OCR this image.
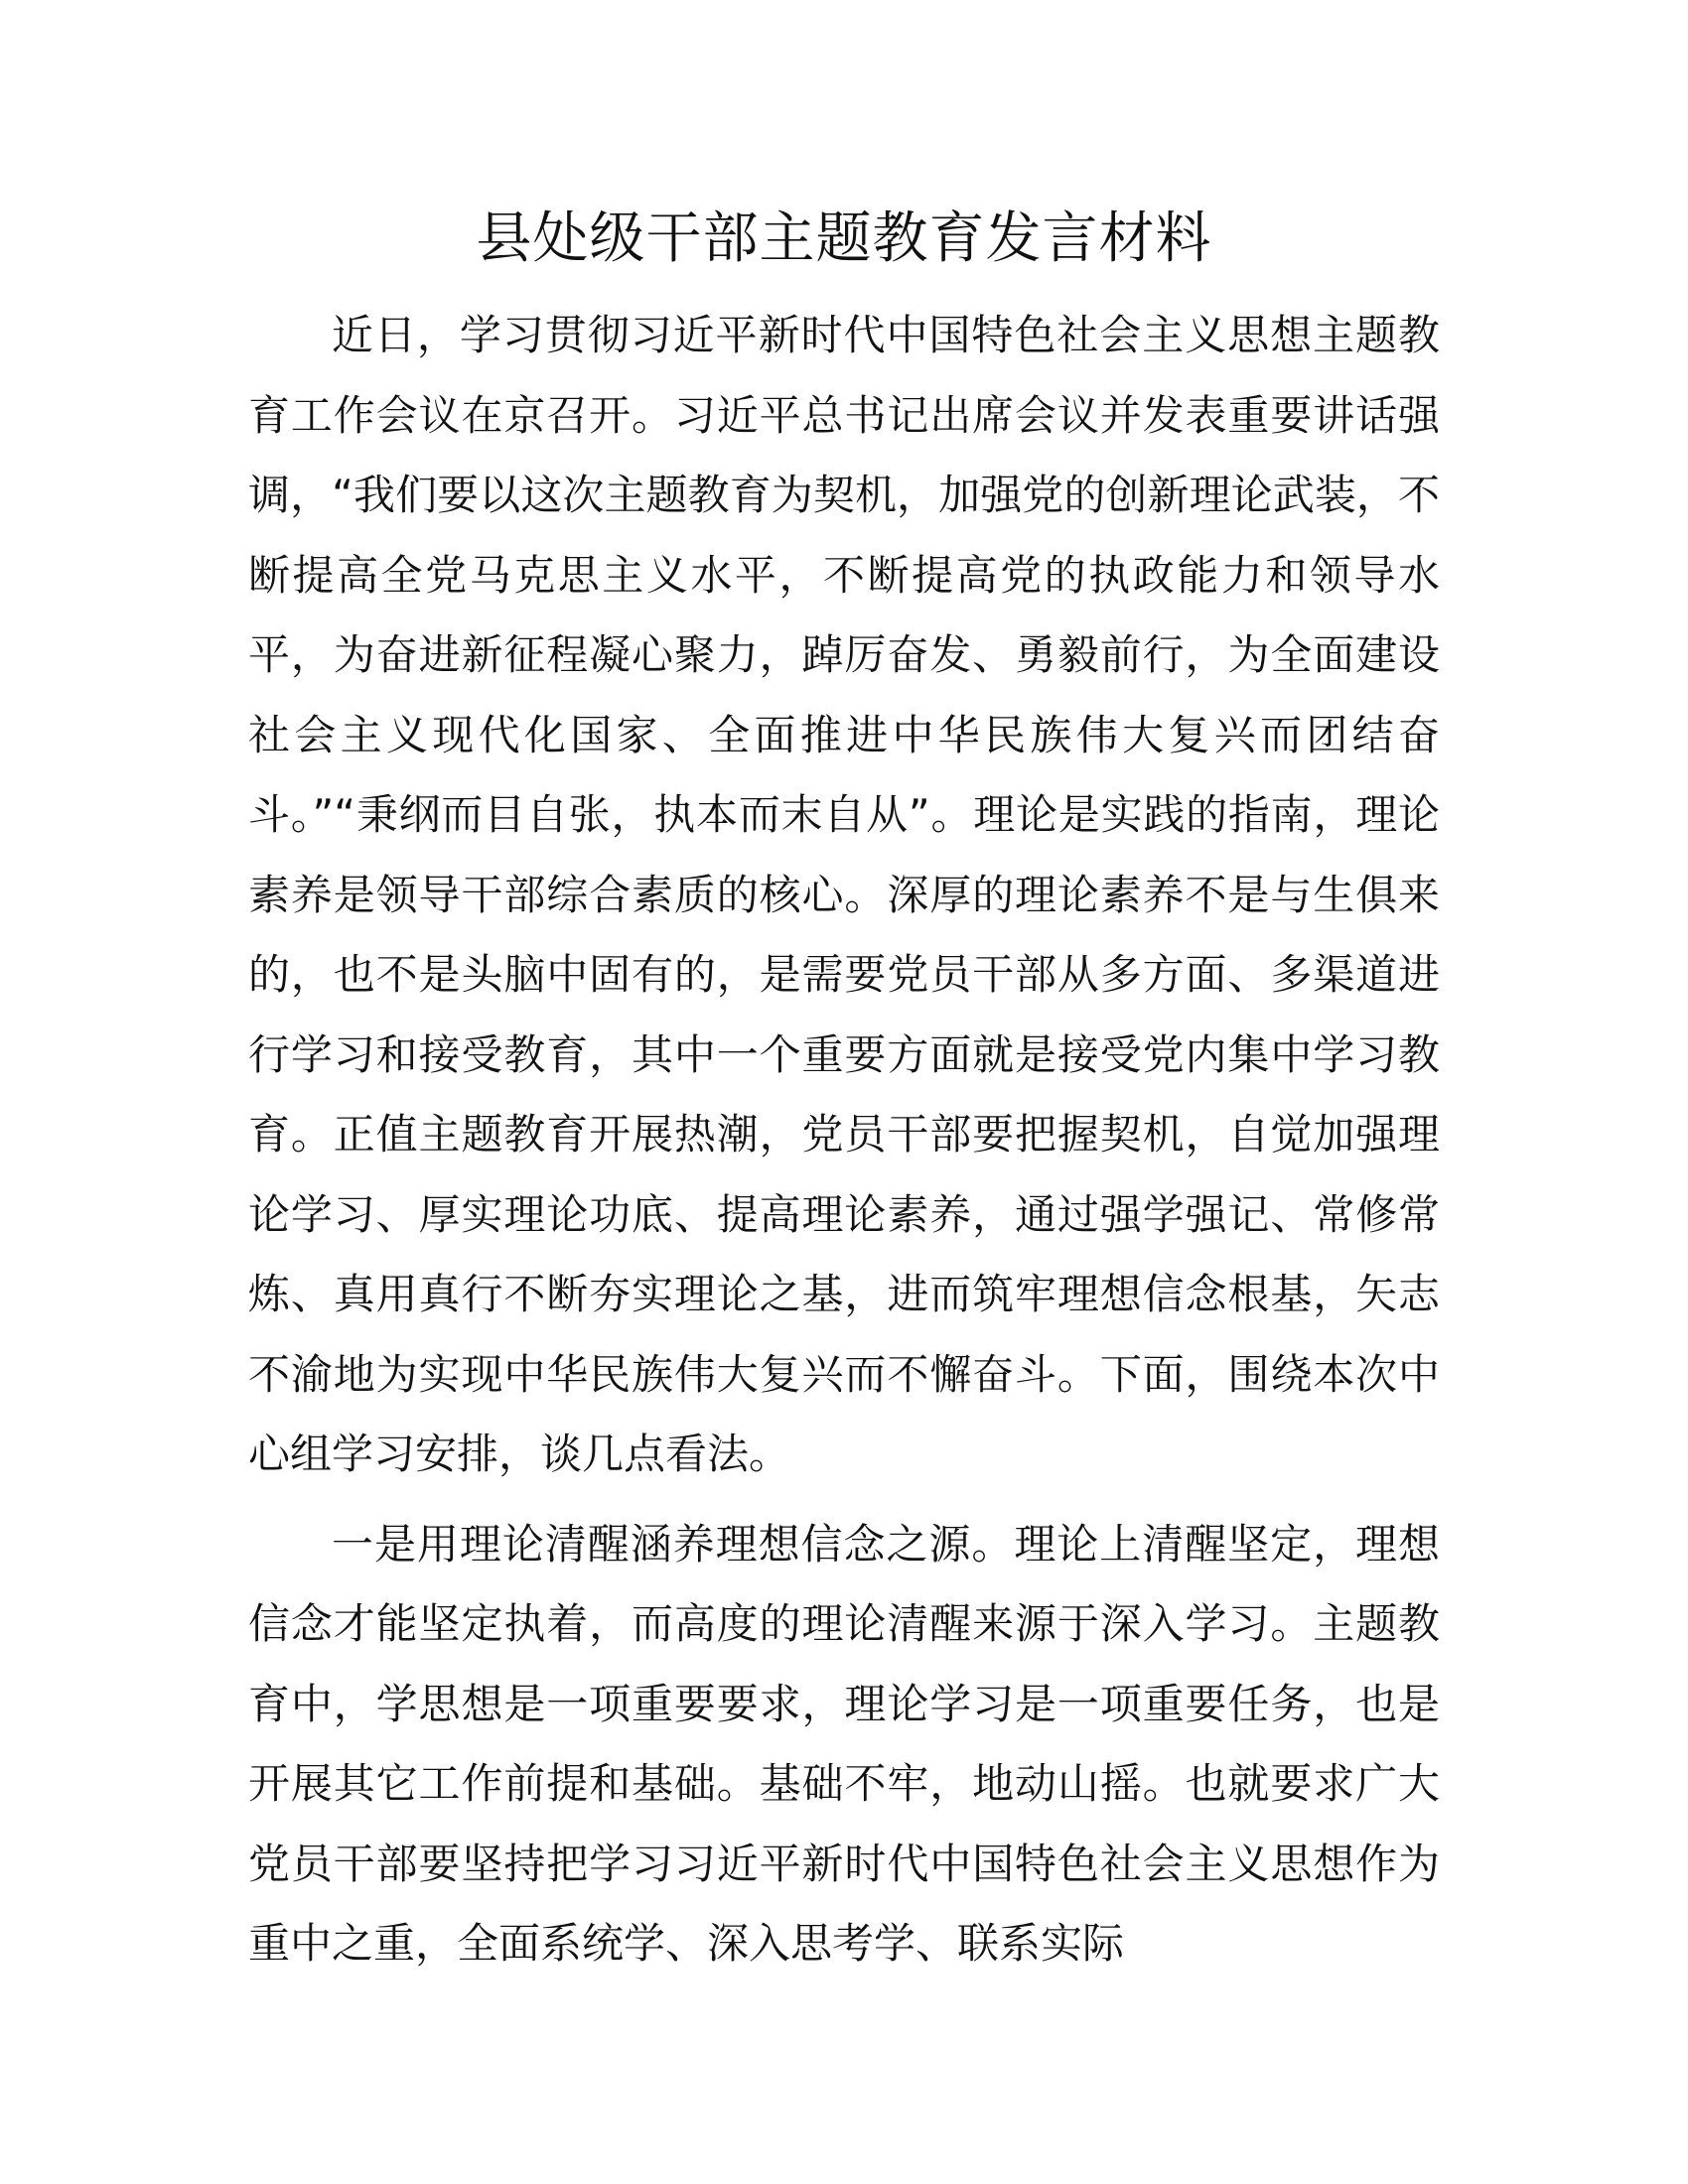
县处级干部主题教育发言材料

近日，学习贯彻习近平新时代中国特色社会主义思想主题教育工作会议在京召开。习近平总书记出席会议并发表重要讲话强调，“我们要以这次主题教育为契机，加强党的创新理论武装，不断提高全党马克思主义水平，不断提高党的执政能力和领导水平，为奋进新征程凝心聚力，踔厉奋发、勇毅前行，为全面建设社会主义现代化国家、全面推进中华民族伟大复兴而团结奋斗。”“秉纲而目自张，执本而末自从”。理论是实践的指南，理论素养是领导干部综合素质的核心。深厚的理论素养不是与生俱来的，也不是头脑中固有的，是需要党员干部从多方面、多渠道进行学习和接受教育，其中一个重要方面就是接受党内集中学习教育。正值主题教育开展热潮，党员干部要把握契机，自觉加强理论学习、厚实理论功底、提高理论素养，通过强学强记、常修常炼、真用真行不断夯实理论之基，进而筑牢理想信念根基，矢志不渝地为实现中华民族伟大复兴而不懈奋斗。下面，围绕本次中心组学习安排，谈几点看法。

一是用理论清醒涵养理想信念之源。理论上清醒坚定，理想信念才能坚定执着，而高度的理论清醒来源于深入学习。主题教育中，学思想是一项重要要求，理论学习是一项重要任务，也是开展其它工作前提和基础。基础不牢，地动山摇。也就要求广大党员干部要坚持把学习习近平新时代中国特色社会主义思想作为重中之重，全面系统学、深入思考学、联系实际
